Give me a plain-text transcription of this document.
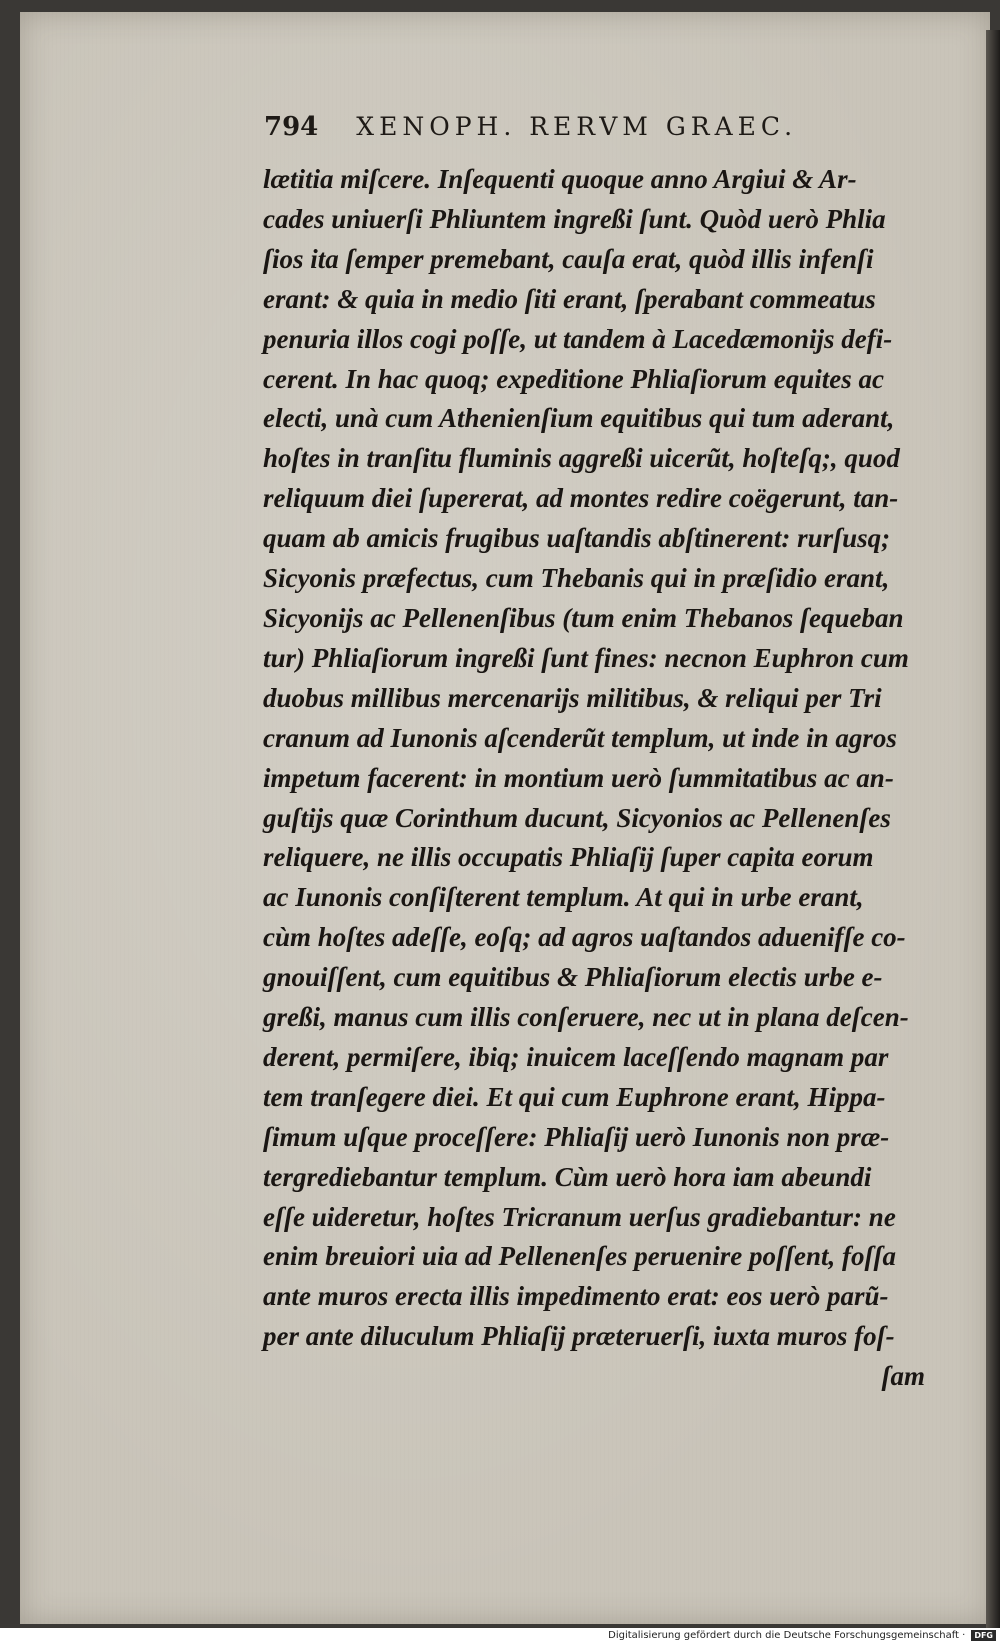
794 XENOPH. RERVM GRAEC.
lætitia miſcere. Inſequenti quoque anno Argiui & Ar-
cades uniuerſi Phliuntem ingreßi ſunt. Quòd uerò Phlia
ſios ita ſemper premebant, cauſa erat, quòd illis infenſi
erant: & quia in medio ſiti erant, ſperabant commeatus
penuria illos cogi poſſe, ut tandem à Lacedæmonijs defi-
cerent. In hac quoq; expeditione Phliaſiorum equites ac
electi, unà cum Athenienſium equitibus qui tum aderant,
hoſtes in tranſitu fluminis aggreßi uicerũt, hoſteſq;, quod
reliquum diei ſupererat, ad montes redire coëgerunt, tan-
quam ab amicis frugibus uaſtandis abſtinerent: rurſusq;
Sicyonis præfectus, cum Thebanis qui in præſidio erant,
Sicyonijs ac Pellenenſibus (tum enim Thebanos ſequeban
tur) Phliaſiorum ingreßi ſunt fines: necnon Euphron cum
duobus millibus mercenarijs militibus, & reliqui per Tri
cranum ad Iunonis aſcenderũt templum, ut inde in agros
impetum facerent: in montium uerò ſummitatibus ac an-
guſtijs quæ Corinthum ducunt, Sicyonios ac Pellenenſes
reliquere, ne illis occupatis Phliaſij ſuper capita eorum
ac Iunonis conſiſterent templum. At qui in urbe erant,
cùm hoſtes adeſſe, eoſq; ad agros uaſtandos aduenifſe co-
gnouiſſent, cum equitibus & Phliaſiorum electis urbe e-
greßi, manus cum illis conſeruere, nec ut in plana deſcen-
derent, permiſere, ibiq; inuicem laceſſendo magnam par
tem tranſegere diei. Et qui cum Euphrone erant, Hippa-
ſimum uſque proceſſere: Phliaſij uerò Iunonis non præ-
tergrediebantur templum. Cùm uerò hora iam abeundi
eſſe uideretur, hoſtes Tricranum uerſus gradiebantur: ne
enim breuiori uia ad Pellenenſes peruenire poſſent, foſſa
ante muros erecta illis impedimento erat: eos uerò parũ-
per ante diluculum Phliaſij præteruerſi, iuxta muros foſ-
ſam
Digitalisierung gefördert durch die Deutsche Forschungsgemeinschaft ·	DFG
